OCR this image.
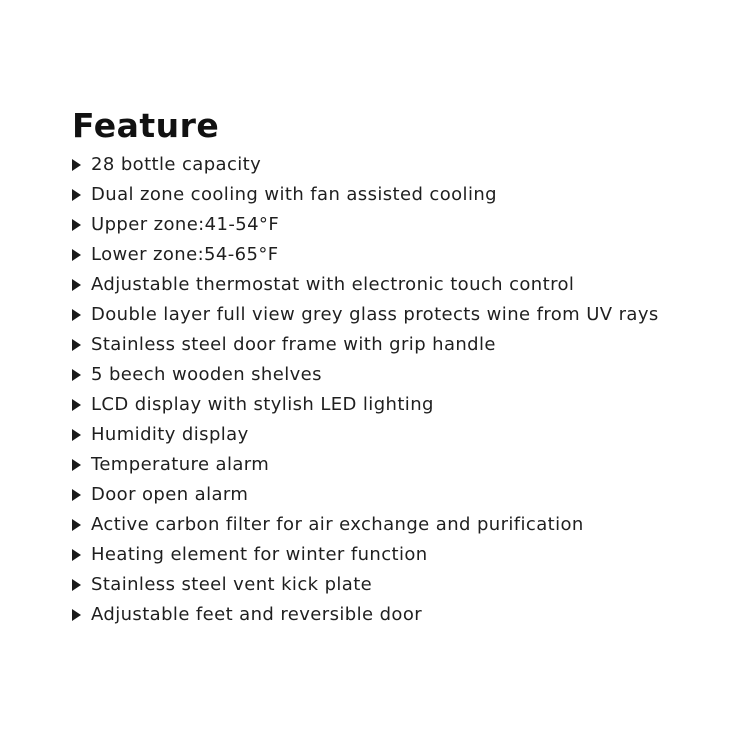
Feature
28 bottle capacity
Dual zone cooling with fan assisted cooling
Upper zone:41-54°F
Lower zone:54-65°F
Adjustable thermostat with electronic touch control
Double layer full view grey glass protects wine from UV rays
Stainless steel door frame with grip handle
5 beech wooden shelves
LCD display with stylish LED lighting
Humidity display
Temperature alarm
Door open alarm
Active carbon filter for air exchange and purification
Heating element for winter function
Stainless steel vent kick plate
Adjustable feet and reversible door
